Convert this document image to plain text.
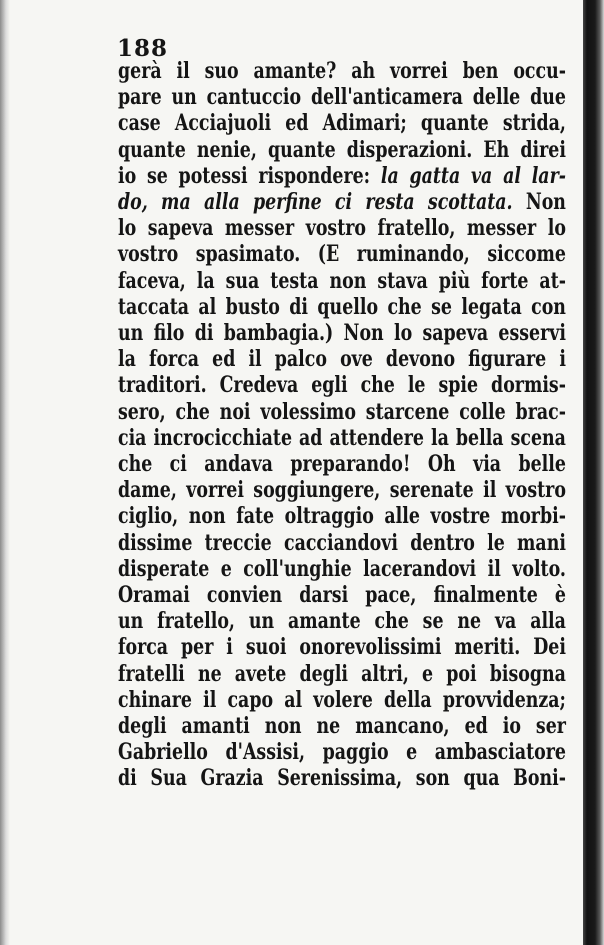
188
gerà il suo amante? ah vorrei ben occu-
pare un cantuccio dell'anticamera delle due
case Acciajuoli ed Adimari; quante strida,
quante nenie, quante disperazioni. Eh direi
io se potessi rispondere: la gatta va al lar-
do, ma alla perfine ci resta scottata. Non
lo sapeva messer vostro fratello, messer lo
vostro spasimato. (E ruminando, siccome
faceva, la sua testa non stava più forte at-
taccata al busto di quello che se legata con
un filo di bambagia.) Non lo sapeva esservi
la forca ed il palco ove devono figurare i
traditori. Credeva egli che le spie dormis-
sero, che noi volessimo starcene colle brac-
cia incrocicchiate ad attendere la bella scena
che ci andava preparando! Oh via belle
dame, vorrei soggiungere, serenate il vostro
ciglio, non fate oltraggio alle vostre morbi-
dissime treccie cacciandovi dentro le mani
disperate e coll'unghie lacerandovi il volto.
Oramai convien darsi pace, finalmente è
un fratello, un amante che se ne va alla
forca per i suoi onorevolissimi meriti. Dei
fratelli ne avete degli altri, e poi bisogna
chinare il capo al volere della provvidenza;
degli amanti non ne mancano, ed io ser
Gabriello d'Assisi, paggio e ambasciatore
di Sua Grazia Serenissima, son qua Boni-
